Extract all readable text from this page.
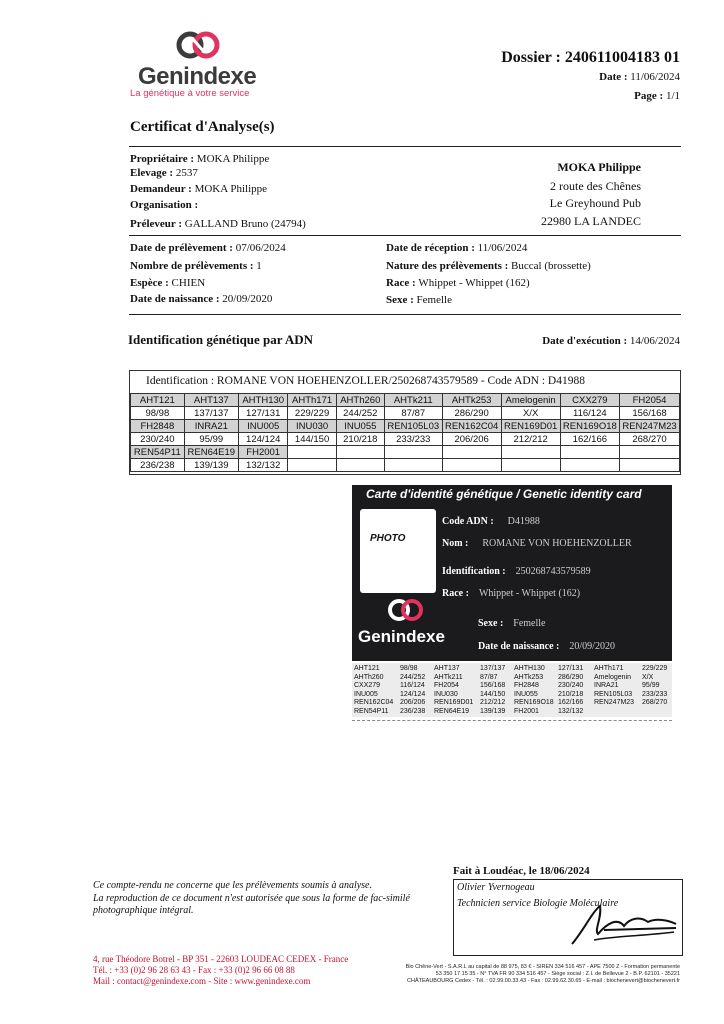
Genindexe
La génétique à votre service
Dossier : 240611004183 01
Date : 11/06/2024
Page : 1/1
Certificat d'Analyse(s)
Propriétaire : MOKA Philippe
Elevage : 2537
Demandeur : MOKA Philippe
Organisation :
Préleveur : GALLAND Bruno (24794)
MOKA Philippe
2 route des Chênes
Le Greyhound Pub
22980 LA LANDEC
Date de prélèvement : 07/06/2024
Nombre de prélèvements : 1
Espèce : CHIEN
Date de naissance : 20/09/2020
Date de réception : 11/06/2024
Nature des prélèvements : Buccal (brossette)
Race : Whippet - Whippet (162)
Sexe : Femelle
Identification génétique par ADN	Date d'exécution : 14/06/2024
Identification : ROMANE VON HOEHENZOLLER/250268743579589 - Code ADN : D41988
AHT121	AHT137	AHTH130	AHTh171	AHTh260	AHTk211	AHTk253	Amelogenin	CXX279	FH2054
98/98	137/137	127/131	229/229	244/252	87/87	286/290	X/X	116/124	156/168
FH2848	INRA21	INU005	INU030	INU055	REN105L03	REN162C04	REN169D01	REN169O18	REN247M23
230/240	95/99	124/124	144/150	210/218	233/233	206/206	212/212	162/166	268/270
REN54P11	REN64E19	FH2001							
236/238	139/139	132/132							
Carte d'identité génétique / Genetic identity card
PHOTO
Genindexe
Code ADN : D41988
Nom : ROMANE VON HOEHENZOLLER
Identification : 250268743579589
Race : Whippet - Whippet (162)
Sexe : Femelle
Date de naissance : 20/09/2020
AHT121	98/98 AHT137	137/137 AHTH130 127/131 AHTh171	229/229
AHTh260 244/252 AHTk211 87/87 AHTk253 286/290 Amelogenin X/X
CXX279	116/124 FH2054	156/168 FH2848	230/240 INRA21	95/99
INU005	124/124 INU030	144/150 INU055	210/218 REN105L03 233/233
REN162C04 206/206 REN169D01 212/212 REN169O18 162/166 REN247M23 268/270
REN54P11 236/238 REN64E19 139/139 FH2001	132/132
Fait à Loudéac, le 18/06/2024
Olivier Yvernogeau
Technicien service Biologie Moléculaire
Ce compte-rendu ne concerne que les prélèvements soumis à analyse.
La reproduction de ce document n'est autorisée que sous la forme de fac-similé
photographique intégral.
4, rue Théodore Botrel - BP 351 - 22603 LOUDEAC CEDEX - France
Tél. : +33 (0)2 96 28 63 43 - Fax : +33 (0)2 96 66 08 88
Mail : contact@genindexe.com - Site : www.genindexe.com
Bio Chêne-Vert - S.A.R.L au capital de 88 975, 83 € - SIREN 334 516 457 - APE 7500 Z - Formation permanente
53 350 17 15 35 - N° TVA FR 90 334 516 457 - Siège social : Z.I. de Bellevue 2 - B.P. 62101 - 35221
CHÂTEAUBOURG Cedex - Tél. : 02.99.00.33.43 - Fax : 02.99.62.30.65 - E-mail : biochenevert@biochenevert.fr
